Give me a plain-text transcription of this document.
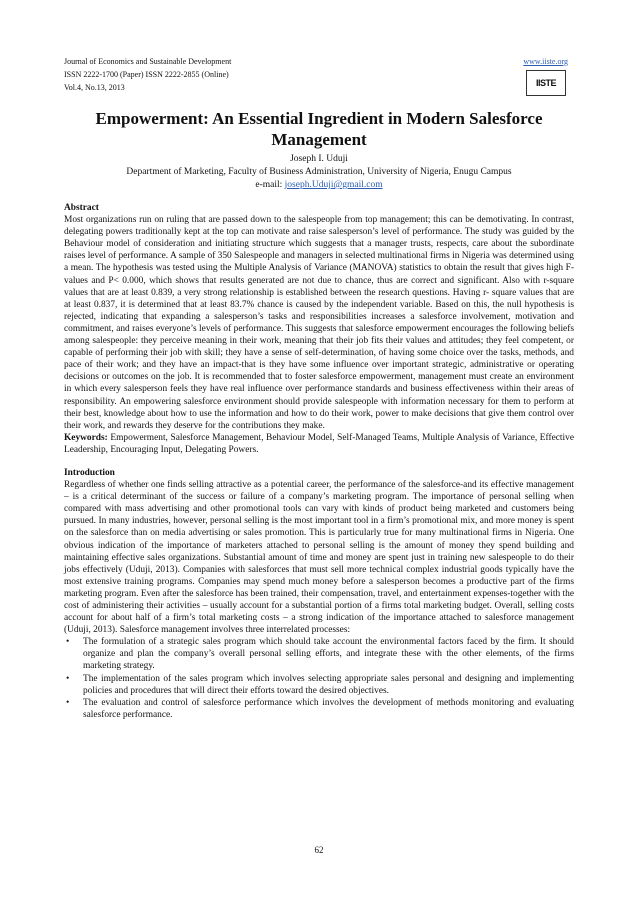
Journal of Economics and Sustainable Development
ISSN 2222-1700 (Paper) ISSN 2222-2855 (Online)
Vol.4, No.13, 2013
www.iiste.org
IISTE
Empowerment: An Essential Ingredient in Modern Salesforce Management
Joseph I. Uduji
Department of Marketing, Faculty of Business Administration, University of Nigeria, Enugu Campus
e-mail: joseph.Uduji@gmail.com

Abstract

Most organizations run on ruling that are passed down to the salespeople from top management; this can be demotivating. In contrast, delegating powers traditionally kept at the top can motivate and raise salesperson’s level of performance. The study was guided by the Behaviour model of consideration and initiating structure which suggests that a manager trusts, respects, care about the subordinate raises level of performance. A sample of 350 Salespeople and managers in selected multinational firms in Nigeria was determined using a mean. The hypothesis was tested using the Multiple Analysis of Variance (MANOVA) statistics to obtain the result that gives high F-values and P< 0.000, which shows that results generated are not due to chance, thus are correct and significant. Also with r-square values that are at least 0.839, a very strong relationship is established between the research questions. Having r- square values that are at least 0.837, it is determined that at least 83.7% chance is caused by the independent variable. Based on this, the null hypothesis is rejected, indicating that expanding a salesperson’s tasks and responsibilities increases a salesforce involvement, motivation and commitment, and raises everyone’s levels of performance. This suggests that salesforce empowerment encourages the following beliefs among salespeople: they perceive meaning in their work, meaning that their job fits their values and attitudes; they feel competent, or capable of performing their job with skill; they have a sense of self-determination, of having some choice over the tasks, methods, and pace of their work; and they have an impact-that is they have some influence over important strategic, administrative or operating decisions or outcomes on the job. It is recommended that to foster salesforce empowerment, management must create an environment in which every salesperson feels they have real influence over performance standards and business effectiveness within their areas of responsibility. An empowering salesforce environment should provide salespeople with information necessary for them to perform at their best, knowledge about how to use the information and how to do their work, power to make decisions that give them control over their work, and rewards they deserve for the contributions they make.

Keywords: Empowerment, Salesforce Management, Behaviour Model, Self-Managed Teams, Multiple Analysis of Variance, Effective Leadership, Encouraging Input, Delegating Powers.

Introduction

Regardless of whether one finds selling attractive as a potential career, the performance of the salesforce-and its effective management – is a critical determinant of the success or failure of a company’s marketing program. The importance of personal selling when compared with mass advertising and other promotional tools can vary with kinds of product being marketed and customers being pursued. In many industries, however, personal selling is the most important tool in a firm’s promotional mix, and more money is spent on the salesforce than on media advertising or sales promotion. This is particularly true for many multinational firms in Nigeria. One obvious indication of the importance of marketers attached to personal selling is the amount of money they spend building and maintaining effective sales organizations. Substantial amount of time and money are spent just in training new salespeople to do their jobs effectively (Uduji, 2013). Companies with salesforces that must sell more technical complex industrial goods typically have the most extensive training programs. Companies may spend much money before a salesperson becomes a productive part of the firms marketing program. Even after the salesforce has been trained, their compensation, travel, and entertainment expenses-together with the cost of administering their activities – usually account for a substantial portion of a firms total marketing budget. Overall, selling costs account for about half of a firm’s total marketing costs – a strong indication of the importance attached to salesforce management (Uduji, 2013). Salesforce management involves three interrelated processes:

• The formulation of a strategic sales program which should take account the environmental factors faced by the firm. It should organize and plan the company’s overall personal selling efforts, and integrate these with the other elements, of the firms marketing strategy.
• The implementation of the sales program which involves selecting appropriate sales personal and designing and implementing policies and procedures that will direct their efforts toward the desired objectives.
• The evaluation and control of salesforce performance which involves the development of methods monitoring and evaluating salesforce performance.
62
